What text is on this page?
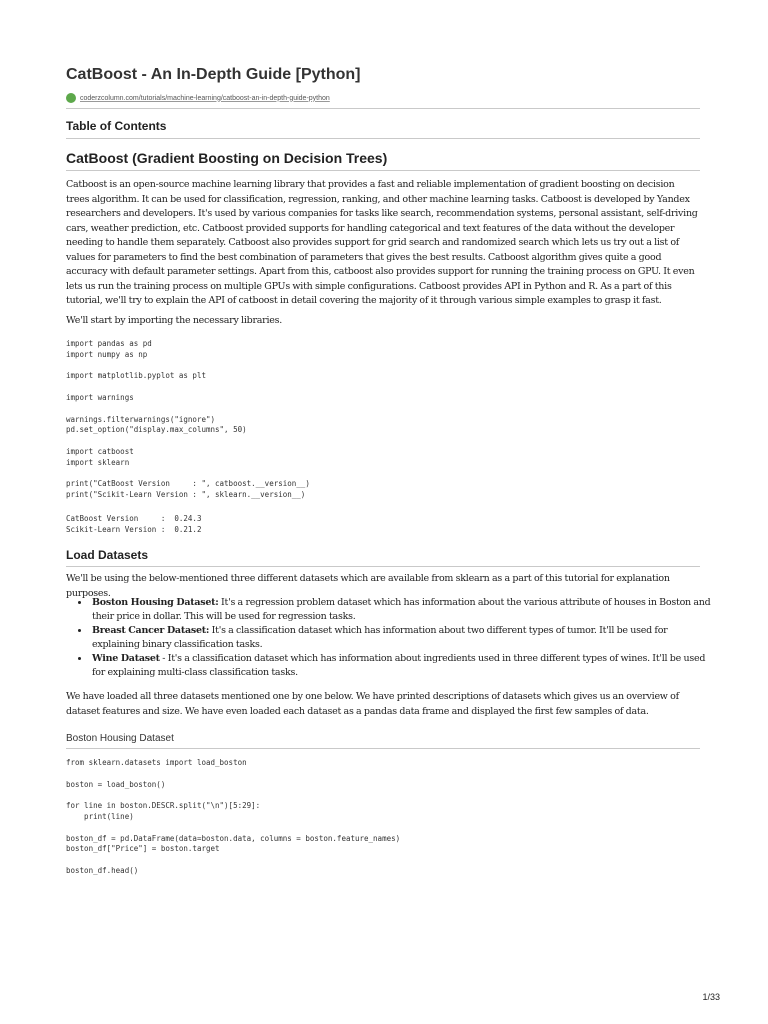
CatBoost - An In-Depth Guide [Python]
coderzcolumn.com/tutorials/machine-learning/catboost-an-in-depth-guide-python
Table of Contents
CatBoost (Gradient Boosting on Decision Trees)

Catboost is an open-source machine learning library that provides a fast and reliable implementation of gradient boosting on decision trees algorithm. It can be used for classification, regression, ranking, and other machine learning tasks. Catboost is developed by Yandex researchers and developers. It's used by various companies for tasks like search, recommendation systems, personal assistant, self-driving cars, weather prediction, etc. Catboost provided supports for handling categorical and text features of the data without the developer needing to handle them separately. Catboost also provides support for grid search and randomized search which lets us try out a list of values for parameters to find the best combination of parameters that gives the best results. Catboost algorithm gives quite a good accuracy with default parameter settings. Apart from this, catboost also provides support for running the training process on GPU. It even lets us run the training process on multiple GPUs with simple configurations. Catboost provides API in Python and R. As a part of this tutorial, we'll try to explain the API of catboost in detail covering the majority of it through various simple examples to grasp it fast.

We'll start by importing the necessary libraries.

import pandas as pd
import numpy as np

import matplotlib.pyplot as plt

import warnings

warnings.filterwarnings("ignore")
pd.set_option("display.max_columns", 50)

import catboost
import sklearn

print("CatBoost Version     : ", catboost.__version__)
print("Scikit-Learn Version : ", sklearn.__version__)
CatBoost Version     :  0.24.3
Scikit-Learn Version :  0.21.2
Load Datasets

We'll be using the below-mentioned three different datasets which are available from sklearn as a part of this tutorial for explanation purposes.

• Boston Housing Dataset: It's a regression problem dataset which has information about the various attribute of houses in Boston and their price in dollar. This will be used for regression tasks.
• Breast Cancer Dataset: It's a classification dataset which has information about two different types of tumor. It'll be used for explaining binary classification tasks.
• Wine Dataset - It's a classification dataset which has information about ingredients used in three different types of wines. It'll be used for explaining multi-class classification tasks.

We have loaded all three datasets mentioned one by one below. We have printed descriptions of datasets which gives us an overview of dataset features and size. We have even loaded each dataset as a pandas data frame and displayed the first few samples of data.

Boston Housing Dataset
from sklearn.datasets import load_boston

boston = load_boston()

for line in boston.DESCR.split("\n")[5:29]:
print(line)

boston_df = pd.DataFrame(data=boston.data, columns = boston.feature_names)
boston_df["Price"] = boston.target

boston_df.head()
1/33
